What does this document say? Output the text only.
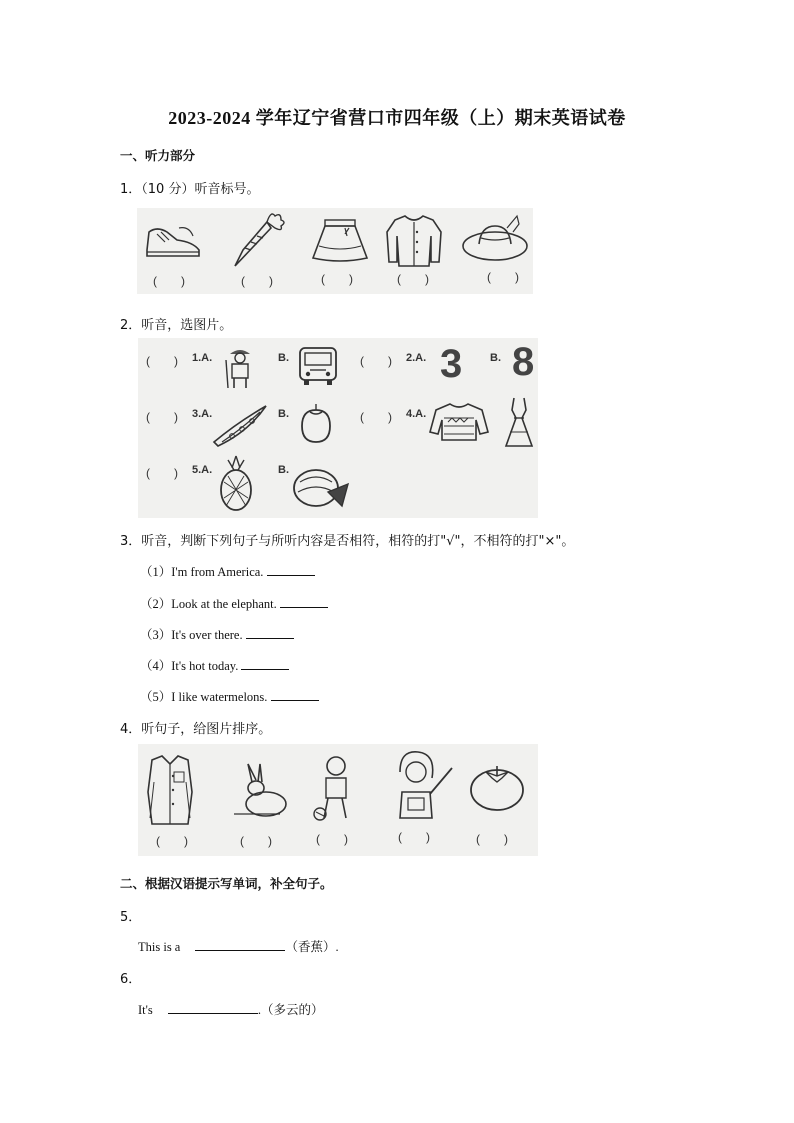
2023-2024 学年辽宁省营口市四年级（上）期末英语试卷
一、听力部分
1．（10 分）听音标号。
(　　)	(　　)	(　　)	(　　)	(　　)
2．听音，选图片。
(　　) 1.A.	B.	(　　) 2.A. 3	B. 8
(　　) 3.A.	B.	(　　) 4.A.
(　　) 5.A.	B.
3．听音，判断下列句子与所听内容是否相符，相符的打"√"，不相符的打"×"。
（1）I'm from America.
（2）Look at the elephant.
（3）It's over there.
（4）It's hot today.
（5）I like watermelons.
4．听句子，给图片排序。
(　　)	(　　)	(　　)	(　　)	(　　)
二、根据汉语提示写单词，补全句子。
5．
This is a	（香蕉）.
6．
It's	.（多云的）
